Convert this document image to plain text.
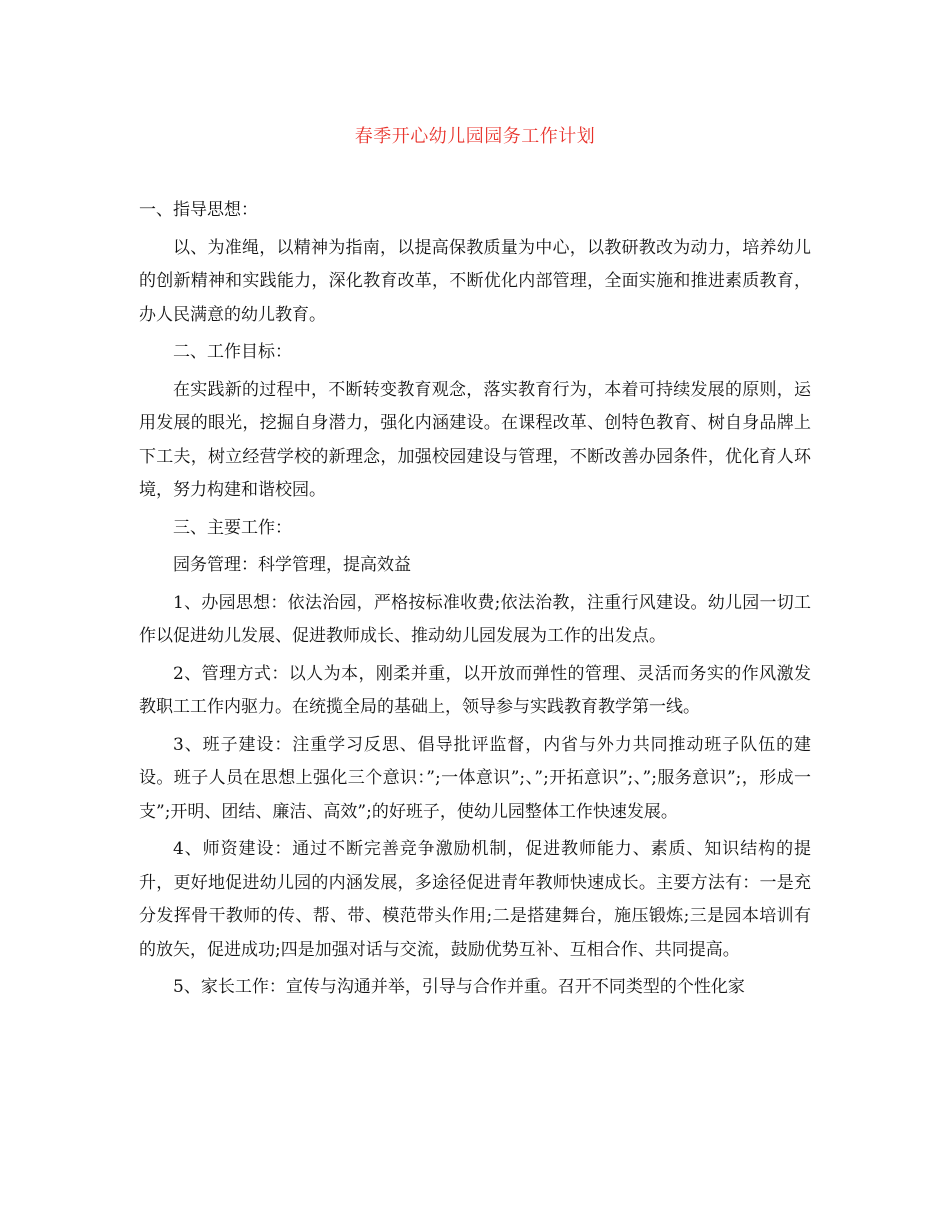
春季开心幼儿园园务工作计划

一、指导思想：

以、为准绳，以精神为指南，以提高保教质量为中心，以教研教改为动力，培养幼儿的创新精神和实践能力，深化教育改革，不断优化内部管理，全面实施和推进素质教育，办人民满意的幼儿教育。

二、工作目标：

在实践新的过程中，不断转变教育观念，落实教育行为，本着可持续发展的原则，运用发展的眼光，挖掘自身潜力，强化内涵建设。在课程改革、创特色教育、树自身品牌上下工夫，树立经营学校的新理念，加强校园建设与管理，不断改善办园条件，优化育人环境，努力构建和谐校园。

三、主要工作：

园务管理：科学管理，提高效益

1、办园思想：依法治园，严格按标准收费;依法治教，注重行风建设。幼儿园一切工作以促进幼儿发展、促进教师成长、推动幼儿园发展为工作的出发点。

2、管理方式：以人为本，刚柔并重，以开放而弹性的管理、灵活而务实的作风激发教职工工作内驱力。在统揽全局的基础上，领导参与实践教育教学第一线。

3、班子建设：注重学习反思、倡导批评监督，内省与外力共同推动班子队伍的建设。班子人员在思想上强化三个意识：”;一体意识”;、”;开拓意识”;、”;服务意识”;，形成一支”;开明、团结、廉洁、高效”;的好班子，使幼儿园整体工作快速发展。

4、师资建设：通过不断完善竞争激励机制，促进教师能力、素质、知识结构的提升，更好地促进幼儿园的内涵发展，多途径促进青年教师快速成长。主要方法有：一是充分发挥骨干教师的传、帮、带、模范带头作用;二是搭建舞台，施压锻炼;三是园本培训有的放矢，促进成功;四是加强对话与交流，鼓励优势互补、互相合作、共同提高。

5、家长工作：宣传与沟通并举，引导与合作并重。召开不同类型的个性化家
